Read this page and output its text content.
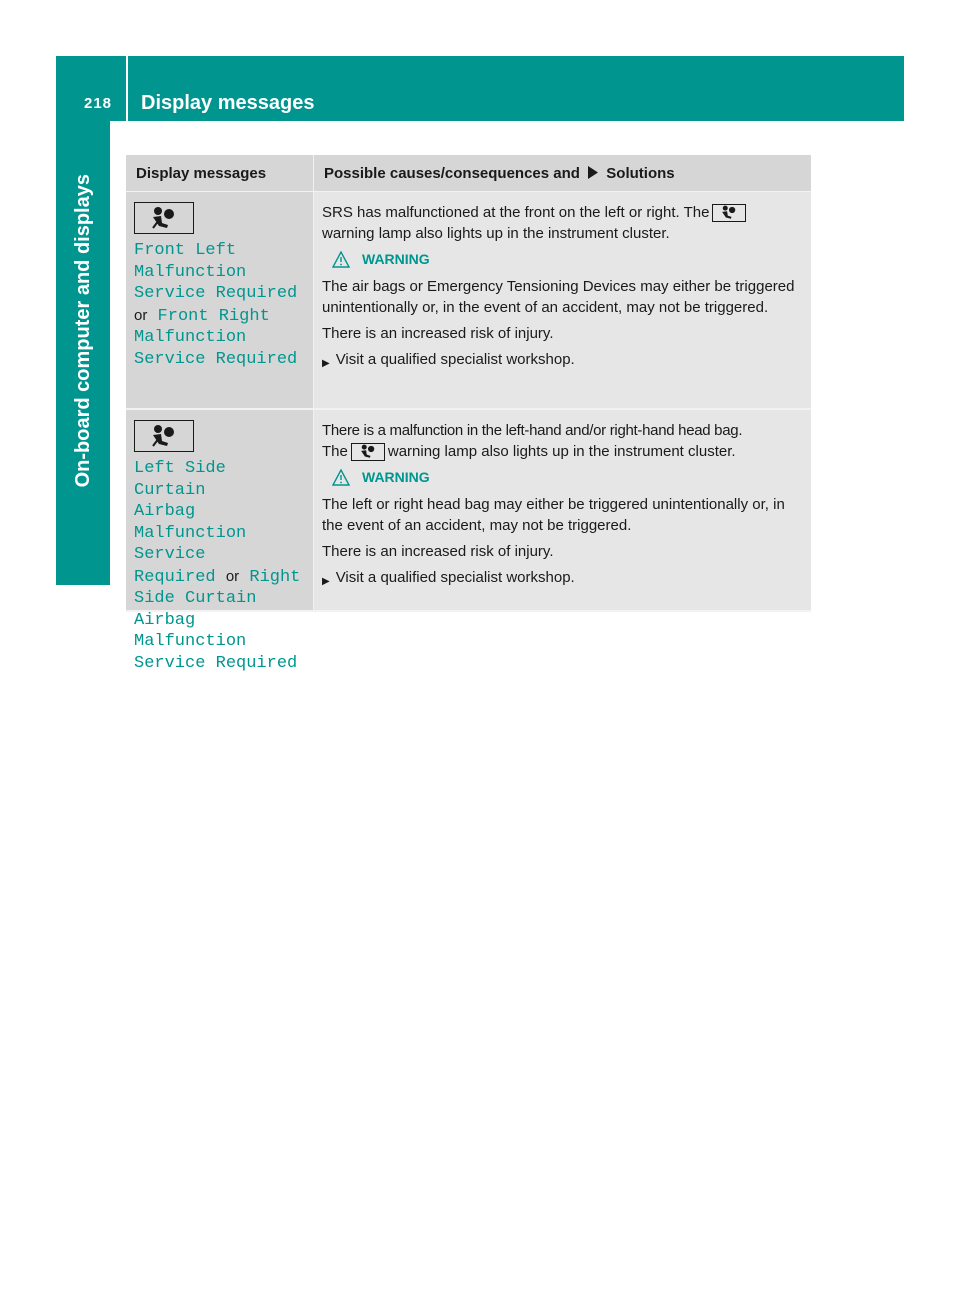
218 Display messages
On-board computer and displays
Display messages	Possible causes/consequences and Solutions
Front Left
Malfunction
Service Required
or Front Right
Malfunction
Service Required

SRS has malfunctioned at the front on the left or right. The

warning lamp also lights up in the instrument cluster.

WARNING

The air bags or Emergency Tensioning Devices may either be triggered unintentionally or, in the event of an accident, may not be triggered.

There is an increased risk of injury.

▶ Visit a qualified specialist workshop.
Left Side Curtain
Airbag Malfunction
Service
Required or Right
Side Curtain
Airbag Malfunction
Service Required

There is a malfunction in the left-hand and/or right-hand head bag.

The	warning lamp also lights up in the instrument cluster.

WARNING

The left or right head bag may either be triggered unintentionally or, in the event of an accident, may not be triggered.

There is an increased risk of injury.

▶ Visit a qualified specialist workshop.
